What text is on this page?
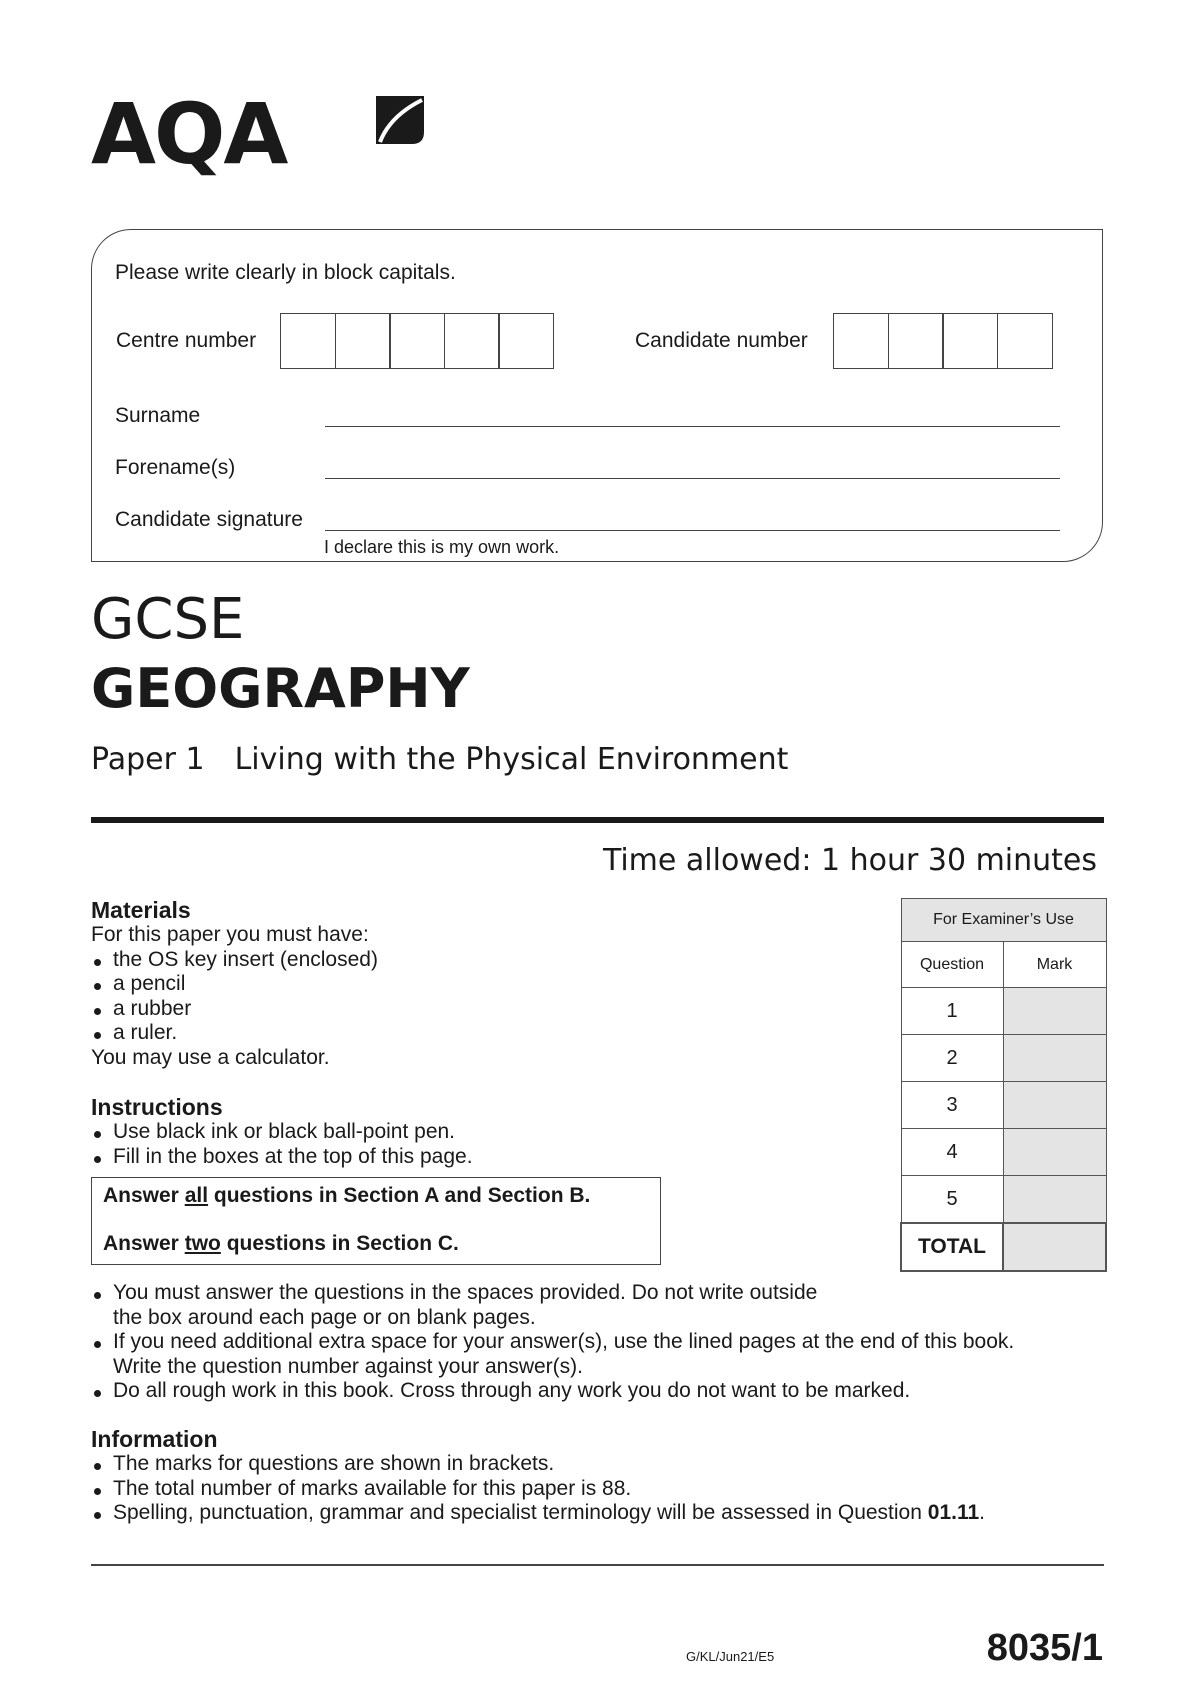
AQA
Please write clearly in block capitals.
Centre number	Candidate number
Surname
Forename(s)
Candidate signature
I declare this is my own work.
GCSE
GEOGRAPHY
Paper 1 Living with the Physical Environment
Time allowed: 1 hour 30 minutes
Materials
For this paper you must have:
the OS key insert (enclosed)
a pencil
a rubber
a ruler.
You may use a calculator.
Instructions
Use black ink or black ball-point pen.
Fill in the boxes at the top of this page.
Answer all questions in Section A and Section B.
Answer two questions in Section C.
You must answer the questions in the spaces provided. Do not write outside
the box around each page or on blank pages.
If you need additional extra space for your answer(s), use the lined pages at the end of this book.
Write the question number against your answer(s).
Do all rough work in this book. Cross through any work you do not want to be marked.
Information
The marks for questions are shown in brackets.
The total number of marks available for this paper is 88.
Spelling, punctuation, grammar and specialist terminology will be assessed in Question 01.11.
For Examiner’s Use	
Question	Mark
1	
2	
3	
4	
5	
TOTAL	
G/KL/Jun21/E5	8035/1
